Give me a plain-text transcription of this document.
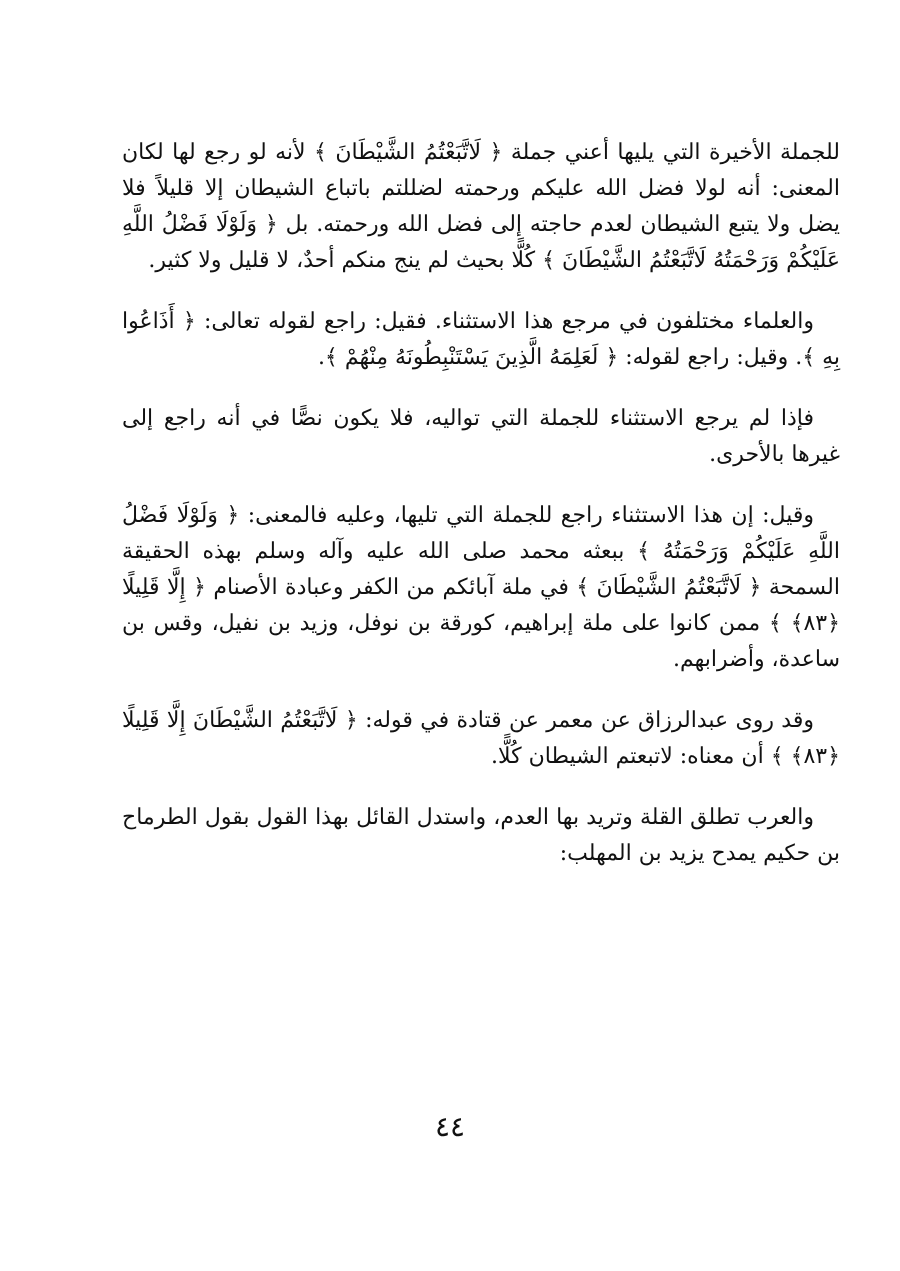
للجملة الأخيرة التي يليها أعني جملة ﴿ لَاتَّبَعْتُمُ الشَّيْطَانَ ﴾ لأنه لو رجع لها لكان المعنى: أنه لولا فضل الله عليكم ورحمته لضللتم باتباع الشيطان إلا قليلاً فلا يضل ولا يتبع الشيطان لعدم حاجته إلى فضل الله ورحمته. بل ﴿ وَلَوْلَا فَضْلُ اللَّهِ عَلَيْكُمْ وَرَحْمَتُهُ لَاتَّبَعْتُمُ الشَّيْطَانَ ﴾ كُلًّا بحيث لم ينج منكم أحدٌ، لا قليل ولا كثير.

والعلماء مختلفون في مرجع هذا الاستثناء. فقيل: راجع لقوله تعالى: ﴿ أَذَاعُوا بِهِ ﴾. وقيل: راجع لقوله: ﴿ لَعَلِمَهُ الَّذِينَ يَسْتَنْبِطُونَهُ مِنْهُمْ ﴾.

فإذا لم يرجع الاستثناء للجملة التي تواليه، فلا يكون نصًّا في أنه راجع إلى غيرها بالأحرى.

وقيل: إن هذا الاستثناء راجع للجملة التي تليها، وعليه فالمعنى: ﴿ وَلَوْلَا فَضْلُ اللَّهِ عَلَيْكُمْ وَرَحْمَتُهُ ﴾ ببعثه محمد صلى الله عليه وآله وسلم بهذه الحقيقة السمحة ﴿ لَاتَّبَعْتُمُ الشَّيْطَانَ ﴾ في ملة آبائكم من الكفر وعبادة الأصنام ﴿ إِلَّا قَلِيلًا ﴿٨٣﴾ ﴾ ممن كانوا على ملة إبراهيم، كورقة بن نوفل، وزيد بن نفيل، وقس بن ساعدة، وأضرابهم.

وقد روى عبدالرزاق عن معمر عن قتادة في قوله: ﴿ لَاتَّبَعْتُمُ الشَّيْطَانَ إِلَّا قَلِيلًا ﴿٨٣﴾ ﴾ أن معناه: لاتبعتم الشيطان كُلًّا.

والعرب تطلق القلة وتريد بها العدم، واستدل القائل بهذا القول بقول الطرماح بن حكيم يمدح يزيد بن المهلب:

٤٤
